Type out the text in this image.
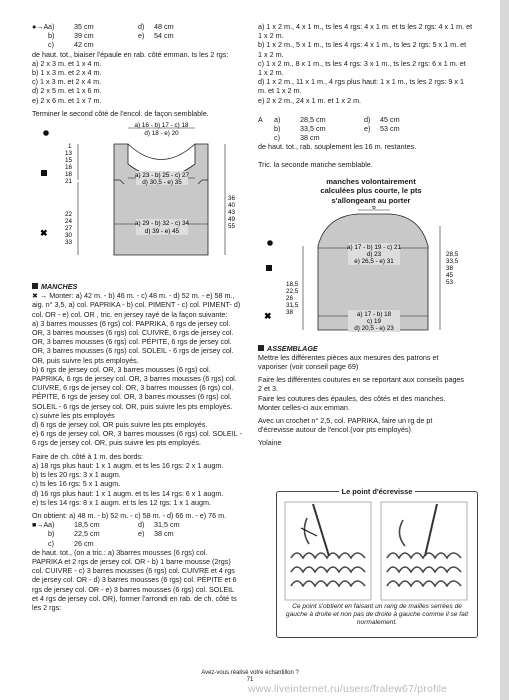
●→A a)	35 cm	d)	48 cm
b)	39 cm	e)	54 cm
c)	42 cm

de haut. tot., biaiser l'épaule en rab. côté emman. ts les 2 rgs:

a) 2 x 3 m. et 1 x 4 m.

b) 1 x 3 m. et 2 x 4 m.

c) 1 x 3 m. et 2 x 4 m.

d) 2 x 5 m. et 1 x 6 m.

e) 2 x 6 m. et 1 x 7 m.

Terminer le second côté de l'encol. de façon semblable.

a) 16 - b) 17 - c) 18
d) 18 - e) 20
a) 23 - b) 25 - c) 27
d) 30,5 - e) 35
a) 29 - b) 32 - c) 34
d) 39 - e) 45
1
13
15
16
18
21
22
24
27
30
33
✖
36
40
43
49
55

MANCHES

✖ → Monter: a) 42 m. - b) 46 m. - c) 48 m. - d) 52 m. - e) 58 m.,

aig. n° 3,5, a) col. PAPRIKA - b) col. PIMENT - c) col. PIMENT- d)

col. OR - e) col. OR , tric. en jersey rayé de la façon suivante:

a) 3 barres mousses (6 rgs) col. PAPRIKA, 6 rgs de jersey col.

OR, 3 barres mousses (6 rgs) col. CUIVRE, 6 rgs de jersey col.

OR, 3 barres mousses (6 rgs) col. PÉPITE, 6 rgs de jersey col.

OR, 3 barres mousses (6 rgs) col. SOLEIL - 6 rgs de jersey col.

OR, puis suivre les pts employés.

b) 6 rgs de jersey col. OR, 3 barres mousses (6 rgs) col.

PAPRIKA, 6 rgs de jersey col. OR, 3 barres mousses (6 rgs) col.

CUIVRE, 6 rgs de jersey col. OR, 3 barres mousses (6 rgs) col.

PÉPITE, 6 rgs de jersey col. OR, 3 barres mousses (6 rgs) col.

SOLEIL - 6 rgs de jersey col. OR, puis suivre les pts employés.

c) suivre les pts employés

d) 6 rgs de jersey col. OR puis suivre les pts employés.

e) 6 rgs de jersey col. OR, 3 barres mousses (6 rgs) col. SOLEIL -

6 rgs de jersey col. OR, puis suivre les pts employés.

Faire de ch. côté à 1 m. des bords:

a) 18 rgs plus haut: 1 x 1 augm. et ts les 16 rgs: 2 x 1 augm.

b) ts les 20 rgs: 3 x 1 augm.

c) ts les 16 rgs: 5 x 1 augm.

d) 16 rgs plus haut: 1 x 1 augm. et ts les 14 rgs: 6 x 1 augm.

e) ts les 14 rgs: 8 x 1 augm. et ts les 12 rgs: 1 x 1 augm.

On obtient: a) 48 m. - b) 52 m. - c) 58 m. - d) 66 m. - e) 76 m.

■→A a)	18,5 cm	d)	31,5 cm
b)	22,5 cm	e)	38 cm
c)	26 cm

de haut. tot., (on a tric.: a) 3barres mousses (6 rgs) col.

PAPRIKA et 2 rgs de jersey col. OR - b) 1 barre mousse (2rgs)

col. CUIVRE - c) 3 barres mousses (6 rgs) col. CUIVRE et 4 rgs

de jersey col. OR - d) 3 barres mousses (6 rgs) col. PÉPITE et 6

rgs de jersey col. OR - e) 3 barres mousses (6 rgs) col. SOLEIL

et 4 rgs de jersey col. OR), former l'arrondi en rab. de ch. côté ts

les 2 rgs:

a) 1 x 2 m., 4 x 1 m., ts les 4 rgs: 4 x 1 m. et ts les 2 rgs: 4 x 1 m. et

1 x 2 m.

b) 1 x 2 m., 5 x 1 m., ts les 4 rgs: 4 x 1 m., ts les 2 rgs: 5 x 1 m. et

1 x 2 m.

c) 1 x 2 m., 8 x 1 m., ts les 4 rgs: 3 x 1 m., ts les 2 rgs: 6 x 1 m. et

1 x 2 m.

d) 1 x 2 m., 11 x 1 m., 4 rgs plus haut: 1 x 1 m., ts les 2 rgs: 9 x 1

m. et 1 x 2 m.

e) 2 x 2 m., 24 x 1 m. et 1 x 2 m.

A	a)	28,5 cm	d)	45 cm
b)	33,5 cm	e)	53 cm
c)	38 cm

de haut. tot., rab. souplement les 16 m. restantes.

Tric. la seconde manche semblable.

manches volontairement

calculées plus courte, le pts

s'allongeant au porter

6
a) 17 - b) 19 - c) 21
d) 23
e) 26,5 - e) 31
a) 17 - b) 18
c) 19
d) 20,5 - e) 23
18,5
22,5
26
31,5
38
✖
28,5
33,5
38
45
53

ASSEMBLAGE

Mettre les différentes pièces aux mesures des patrons et

vaporiser (voir conseil page 69)

Faire les différentes coutures en se reportant aux conseils pages

2 et 3.

Faire les coutures des épaules, des côtés et des manches.

Monter celles-ci aux emman.

Avec un crochet n° 2,5, col. PAPRIKA, faire un rg de pt

d'écrevisse autour de l'encol.(voir pts employés)

Yolaine

Le point d'écrevisse
Ce point s'obtient en faisant un rang de mailles serrées de gauche à droite et non pas de droite à gauche comme il se fait normalement.
Avez-vous réalisé votre échantillon ?
71
www.liveinternet.ru/users/fralew67/profile
